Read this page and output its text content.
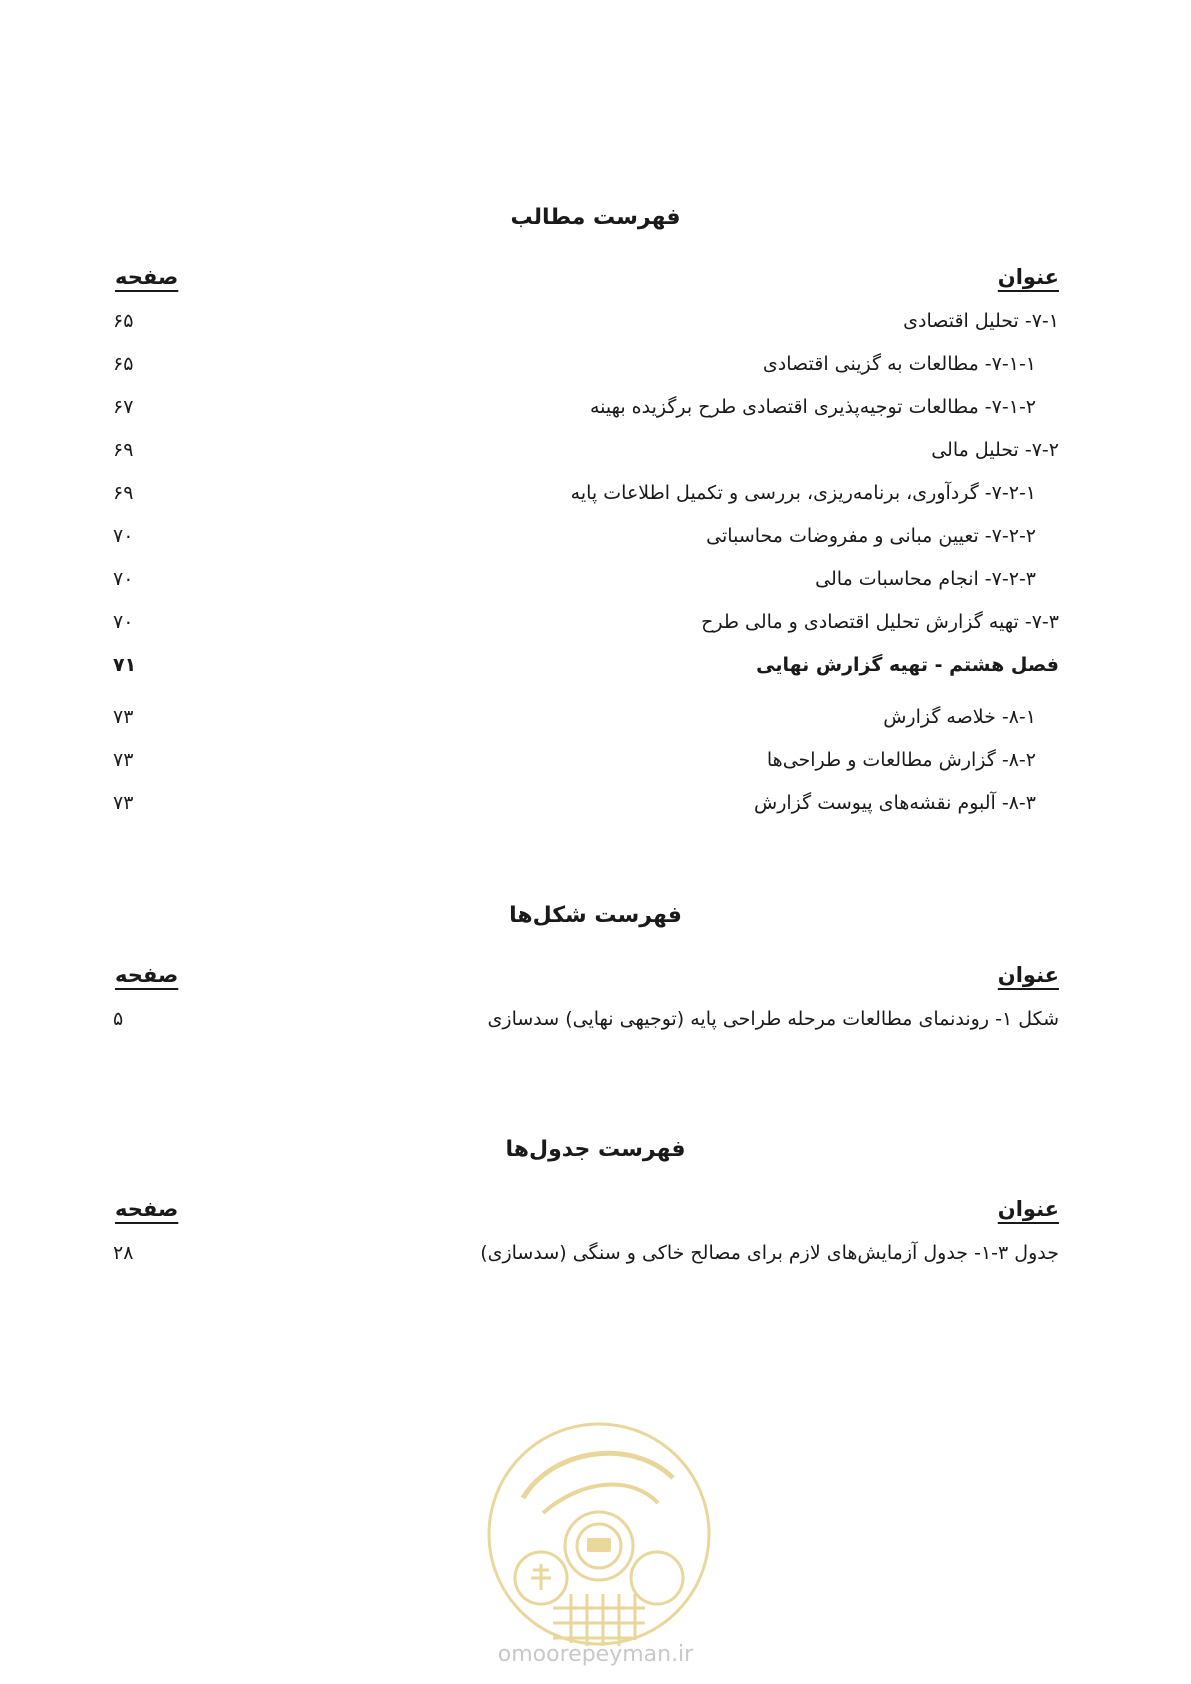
فهرست مطالب
عنوان
صفحه
۷-۱- تحلیل اقتصادی
۶۵
۷-۱-۱- مطالعات به گزینی اقتصادی
۶۵
۷-۱-۲- مطالعات توجیه‌پذیری اقتصادی طرح برگزیده بهینه
۶۷
۷-۲- تحلیل مالی
۶۹
۷-۲-۱- گردآوری، برنامه‌ریزی، بررسی و تکمیل اطلاعات پایه
۶۹
۷-۲-۲- تعیین مبانی و مفروضات محاسباتی
۷۰
۷-۲-۳- انجام محاسبات مالی
۷۰
۷-۳- تهیه گزارش تحلیل اقتصادی و مالی طرح
۷۰
فصل هشتم - تهیه گزارش نهایی
۷۱
۸-۱- خلاصه گزارش
۷۳
۸-۲- گزارش مطالعات و طراحی‌ها
۷۳
۸-۳- آلبوم نقشه‌های پیوست گزارش
۷۳
فهرست شکل‌ها
عنوان
صفحه
شکل ۱- روندنمای مطالعات مرحله طراحی پایه (توجیهی نهایی) سدسازی
۵
فهرست جدول‌ها
عنوان
صفحه
جدول ۳-۱- جدول آزمایش‌های لازم برای مصالح خاکی و سنگی (سدسازی)
۲۸
omoorepeyman.ir
